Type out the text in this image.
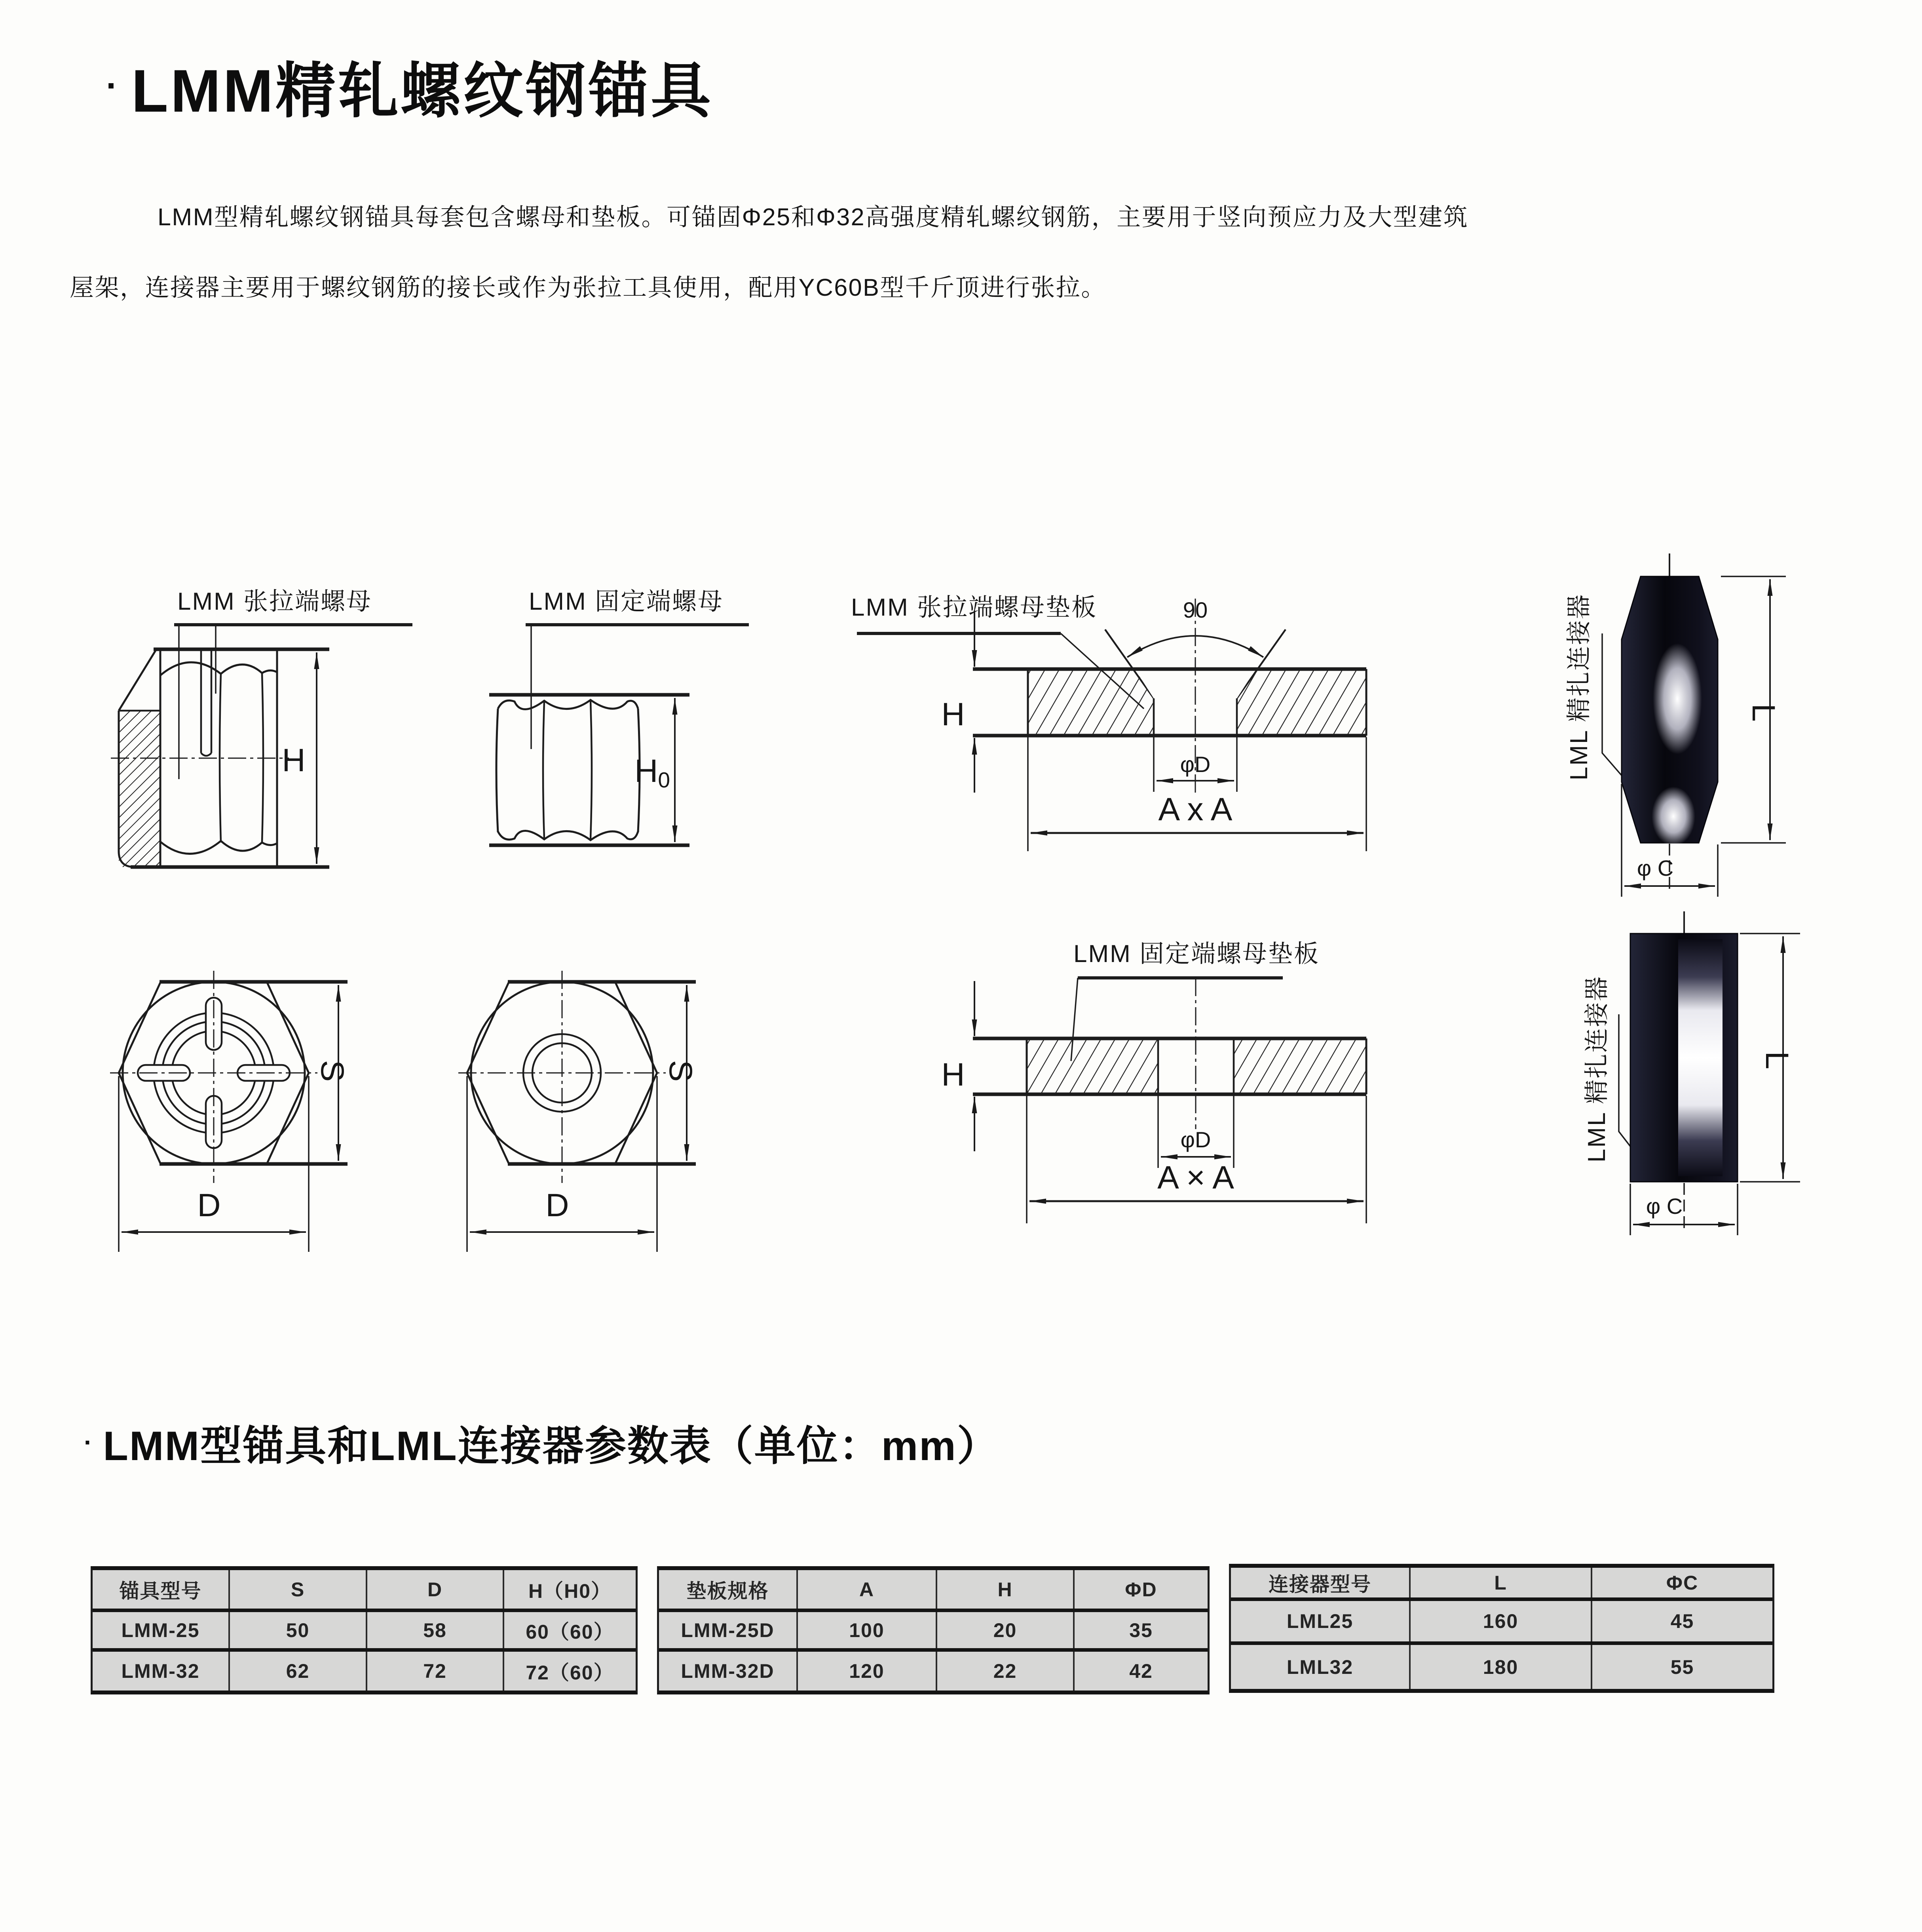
· LMM精轧螺纹钢锚具
LMM型精轧螺纹钢锚具每套包含螺母和垫板。可锚固Φ25和Φ32高强度精轧螺纹钢筋，主要用于竖向预应力及大型建筑
屋架，连接器主要用于螺纹钢筋的接长或作为张拉工具使用，配用YC60B型千斤顶进行张拉。
LMM 张拉端螺母
H
LMM 固定端螺母
H0
LMM 张拉端螺母垫板	90
H
φD
A x A
LML 精扎连接器	L
φ C
S
D
S
D
LMM 固定端螺母垫板
H
φD
A × A
LML 精扎连接器	L
φ C
· LMM型锚具和LML连接器参数表（单位：mm）
锚具型号	S	D	H（H0）
LMM-25	50	58	60（60）
LMM-32	62	72	72（60）
垫板规格	A	H	ΦD
LMM-25D	100	20	35
LMM-32D	120	22	42
连接器型号	L	ΦC
LML25	160	45
LML32	180	55
